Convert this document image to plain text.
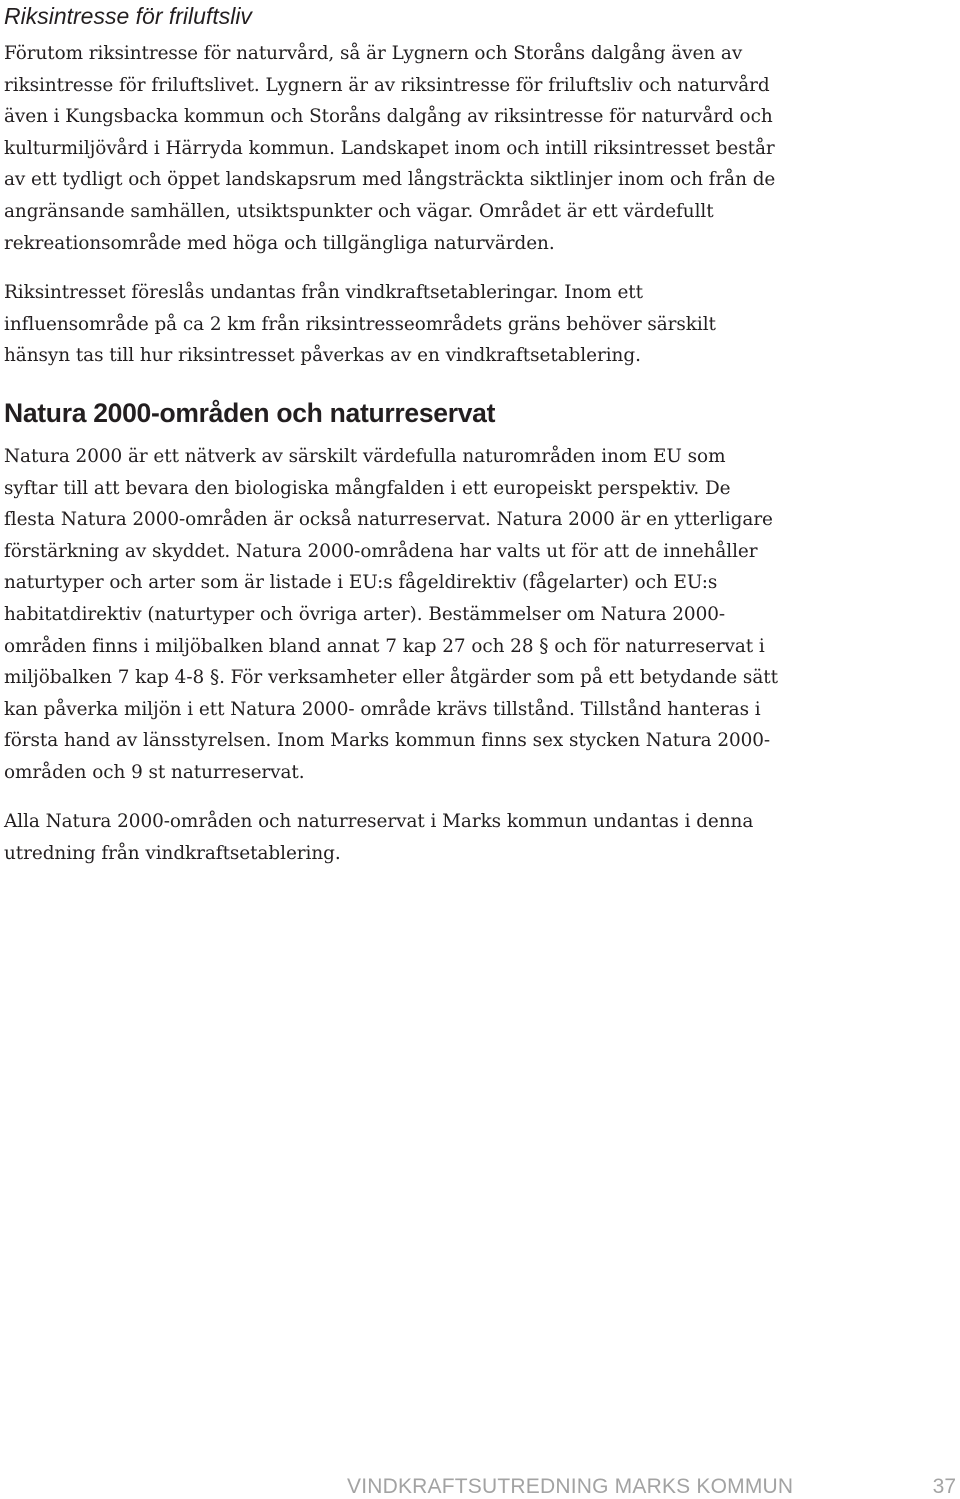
Riksintresse för friluftsliv

Förutom riksintresse för naturvård, så är Lygnern och Storåns dalgång även av riksintresse för friluftslivet. Lygnern är av riksintresse för friluftsliv och naturvård även i Kungsbacka kommun och Storåns dalgång av riksintresse för naturvård och kulturmiljövård i Härryda kommun. Landskapet inom och intill riksintresset består av ett tydligt och öppet landskapsrum med långsträckta siktlinjer inom och från de angränsande samhällen, utsiktspunkter och vägar. Området är ett värdefullt rekreationsområde med höga och tillgängliga naturvärden.

Riksintresset föreslås undantas från vindkraftsetableringar. Inom ett influensområde på ca 2 km från riksintresseområdets gräns behöver särskilt hänsyn tas till hur riksintresset påverkas av en vindkraftsetablering.

Natura 2000-områden och naturreservat

Natura 2000 är ett nätverk av särskilt värdefulla naturområden inom EU som syftar till att bevara den biologiska mångfalden i ett europeiskt perspektiv. De flesta Natura 2000-områden är också naturreservat. Natura 2000 är en ytterligare förstärkning av skyddet. Natura 2000-områdena har valts ut för att de innehåller naturtyper och arter som är listade i EU:s fågeldirektiv (fågelarter) och EU:s habitatdirektiv (naturtyper och övriga arter). Bestämmelser om Natura 2000-områden finns i miljöbalken bland annat 7 kap 27 och 28 § och för naturreservat i miljöbalken 7 kap 4-8 §. För verksamheter eller åtgärder som på ett betydande sätt kan påverka miljön i ett Natura 2000- område krävs tillstånd. Tillstånd hanteras i första hand av länsstyrelsen. Inom Marks kommun finns sex stycken Natura 2000-områden och 9 st naturreservat.

Alla Natura 2000-områden och naturreservat i Marks kommun undantas i denna utredning från vindkraftsetablering.

VINDKRAFTSUTREDNING MARKS KOMMUN	37
